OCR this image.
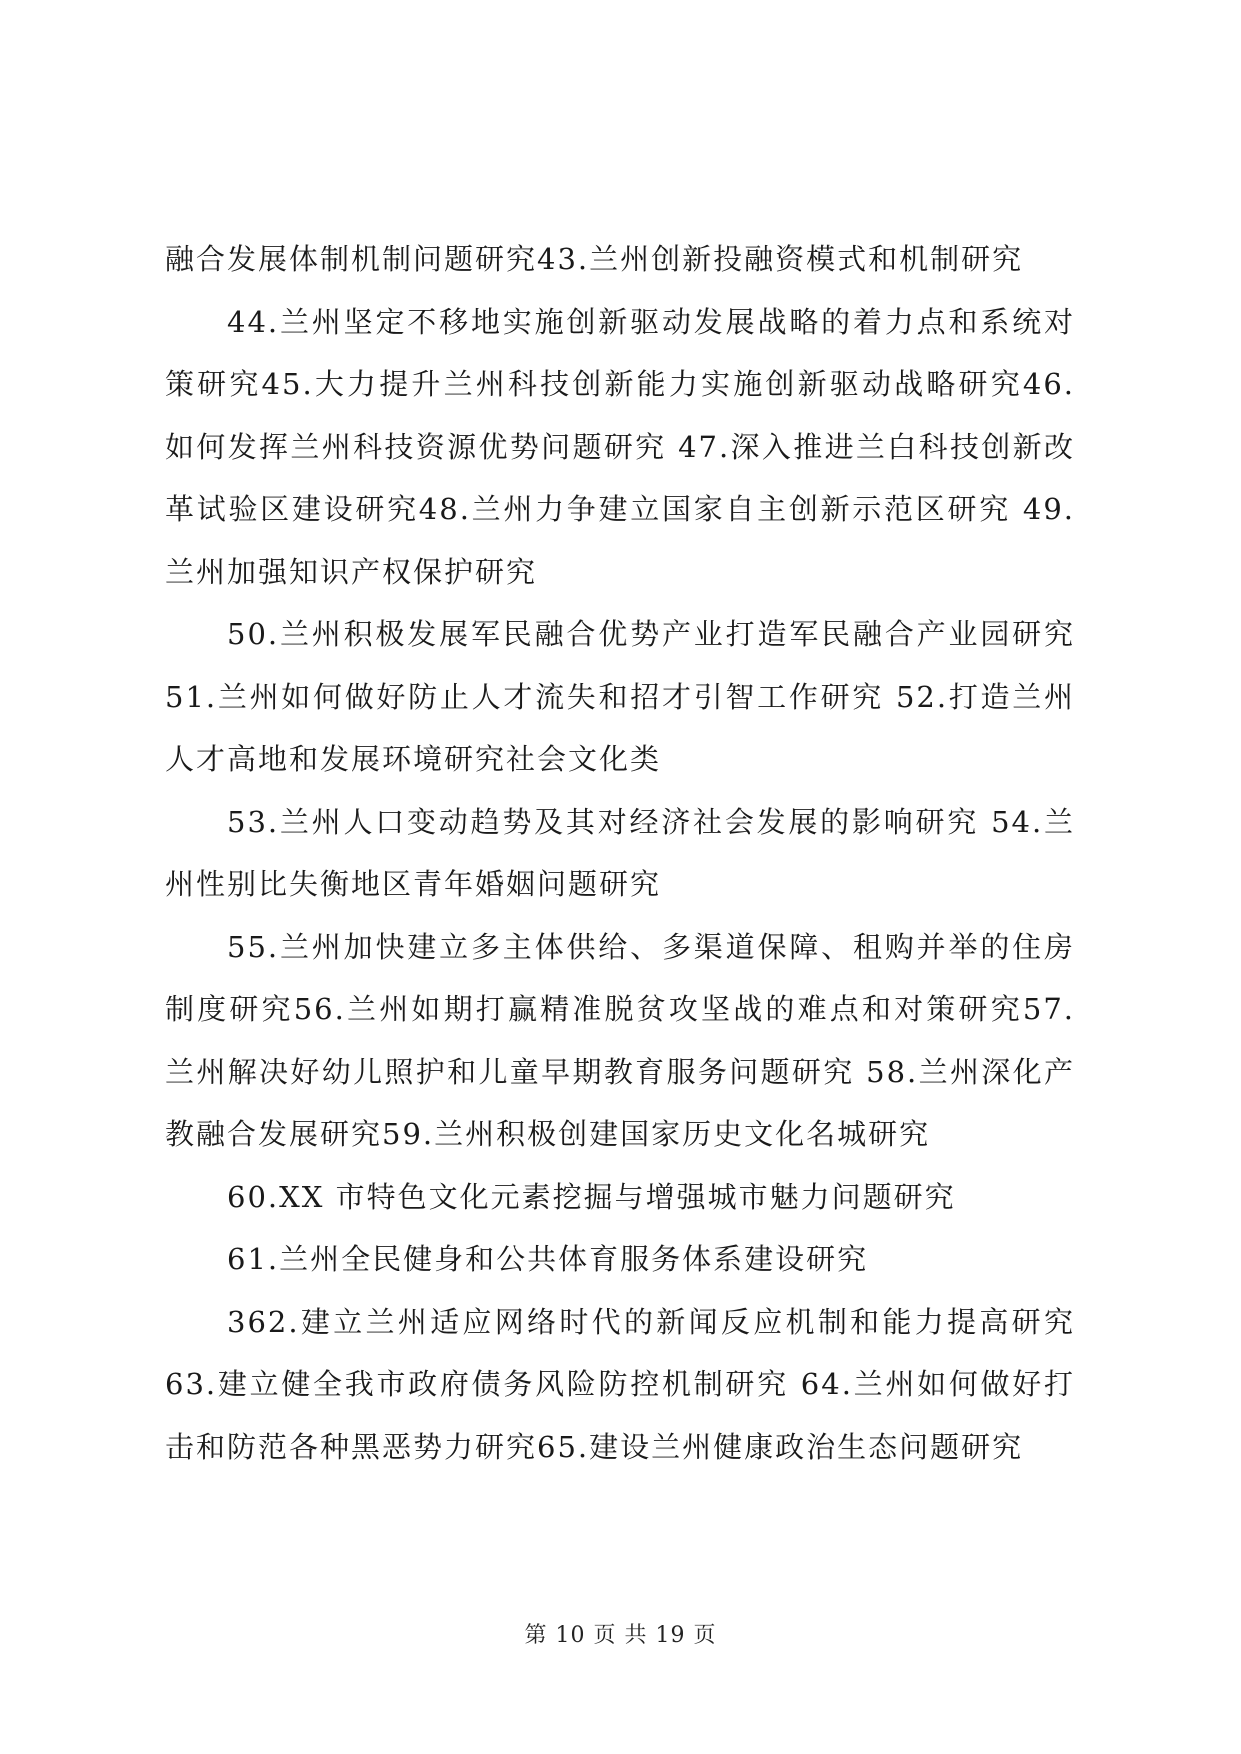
融合发展体制机制问题研究43.兰州创新投融资模式和机制研究

44.兰州坚定不移地实施创新驱动发展战略的着力点和系统对策研究45.大力提升兰州科技创新能力实施创新驱动战略研究46.如何发挥兰州科技资源优势问题研究 47.深入推进兰白科技创新改革试验区建设研究48.兰州力争建立国家自主创新示范区研究 49.兰州加强知识产权保护研究

50.兰州积极发展军民融合优势产业打造军民融合产业园研究 51.兰州如何做好防止人才流失和招才引智工作研究 52.打造兰州人才高地和发展环境研究社会文化类

53.兰州人口变动趋势及其对经济社会发展的影响研究 54.兰州性别比失衡地区青年婚姻问题研究

55.兰州加快建立多主体供给、多渠道保障、租购并举的住房制度研究56.兰州如期打赢精准脱贫攻坚战的难点和对策研究57.兰州解决好幼儿照护和儿童早期教育服务问题研究 58.兰州深化产教融合发展研究59.兰州积极创建国家历史文化名城研究

60.XX 市特色文化元素挖掘与增强城市魅力问题研究

61.兰州全民健身和公共体育服务体系建设研究

362.建立兰州适应网络时代的新闻反应机制和能力提高研究 63.建立健全我市政府债务风险防控机制研究 64.兰州如何做好打击和防范各种黑恶势力研究65.建设兰州健康政治生态问题研究

第 10 页 共 19 页
